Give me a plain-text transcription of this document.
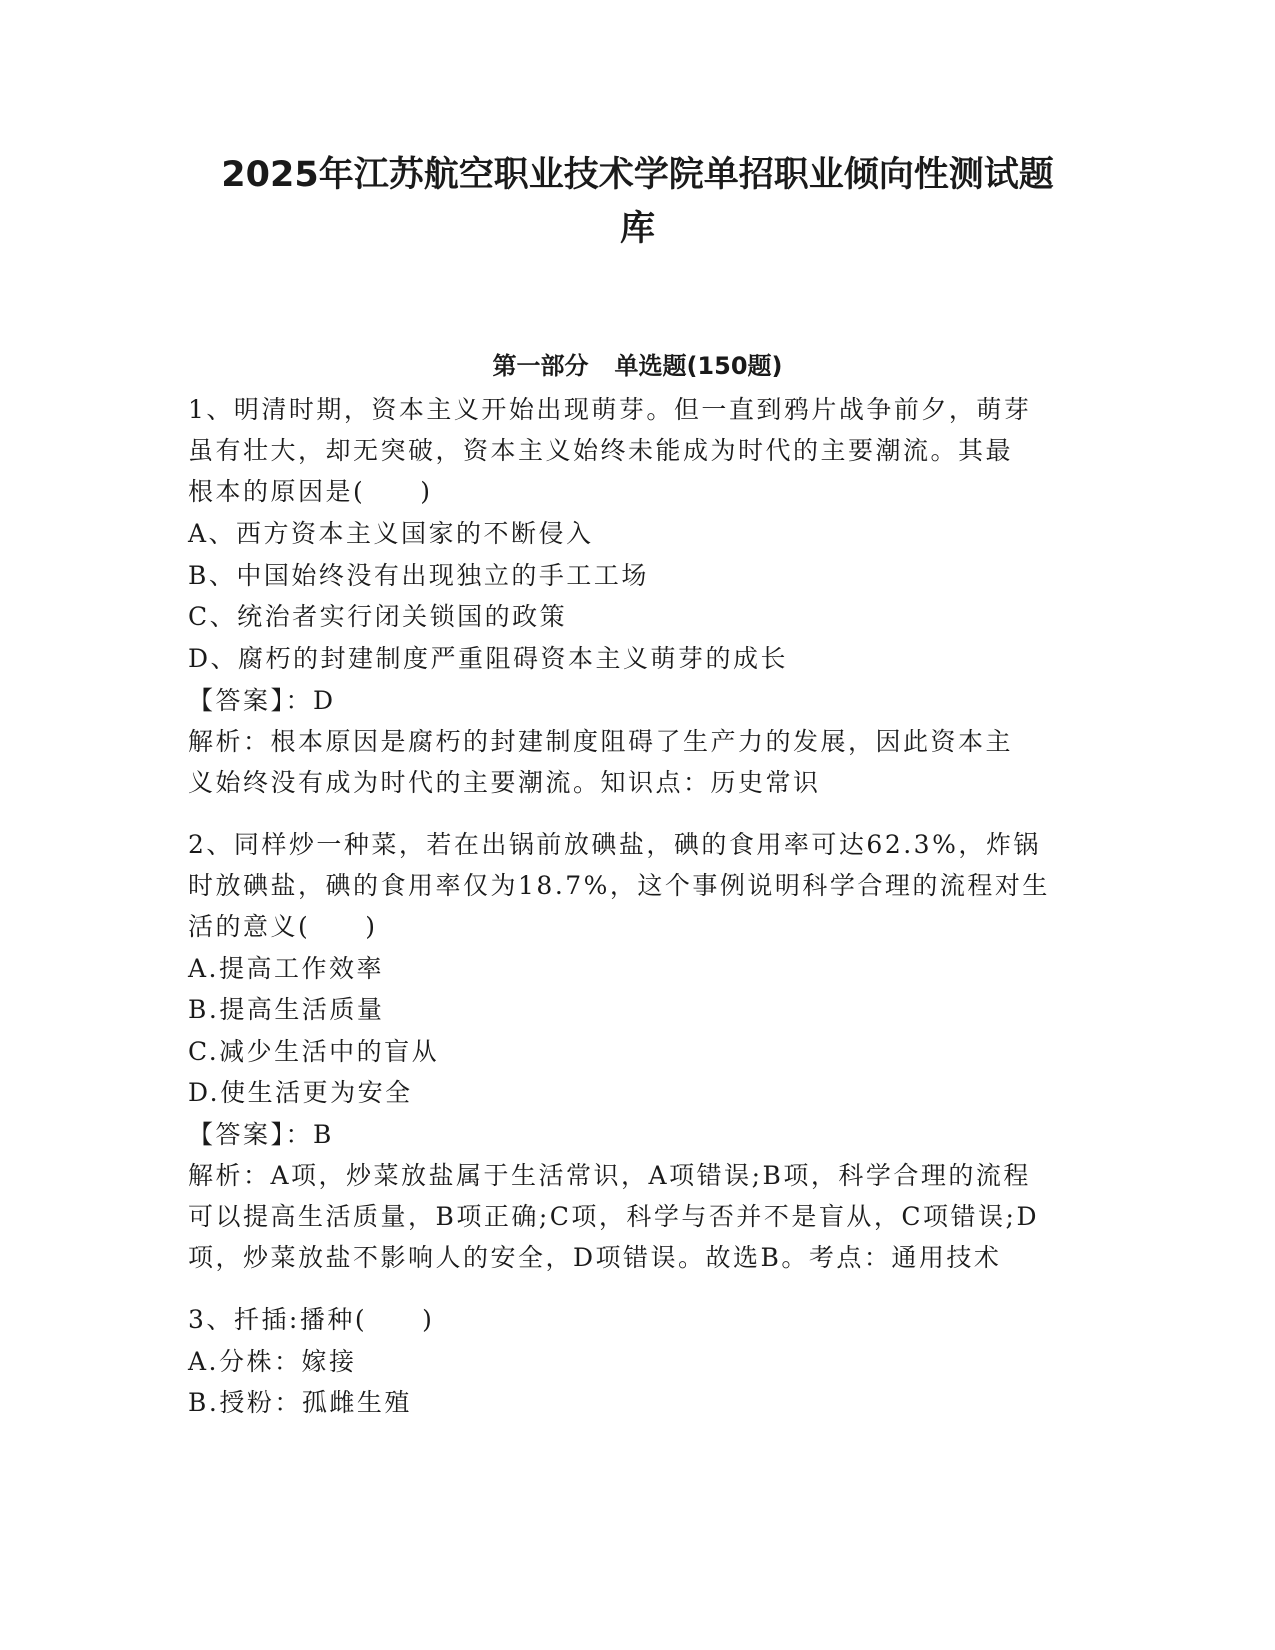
2025年江苏航空职业技术学院单招职业倾向性测试题
库
第一部分 单选题(150题)

1、明清时期，资本主义开始出现萌芽。但一直到鸦片战争前夕，萌芽

虽有壮大，却无突破，资本主义始终未能成为时代的主要潮流。其最

根本的原因是(　　)

A、西方资本主义国家的不断侵入

B、中国始终没有出现独立的手工工场

C、统治者实行闭关锁国的政策

D、腐朽的封建制度严重阻碍资本主义萌芽的成长

【答案】：D

解析：根本原因是腐朽的封建制度阻碍了生产力的发展，因此资本主

义始终没有成为时代的主要潮流。知识点：历史常识

2、同样炒一种菜，若在出锅前放碘盐，碘的食用率可达62.3%，炸锅

时放碘盐，碘的食用率仅为18.7%，这个事例说明科学合理的流程对生

活的意义(　　)

A.提高工作效率

B.提高生活质量

C.减少生活中的盲从

D.使生活更为安全

【答案】：B

解析：A项，炒菜放盐属于生活常识，A项错误;B项，科学合理的流程

可以提高生活质量，B项正确;C项，科学与否并不是盲从，C项错误;D

项，炒菜放盐不影响人的安全，D项错误。故选B。考点：通用技术

3、扦插:播种(　　)

A.分株：嫁接

B.授粉：孤雌生殖
